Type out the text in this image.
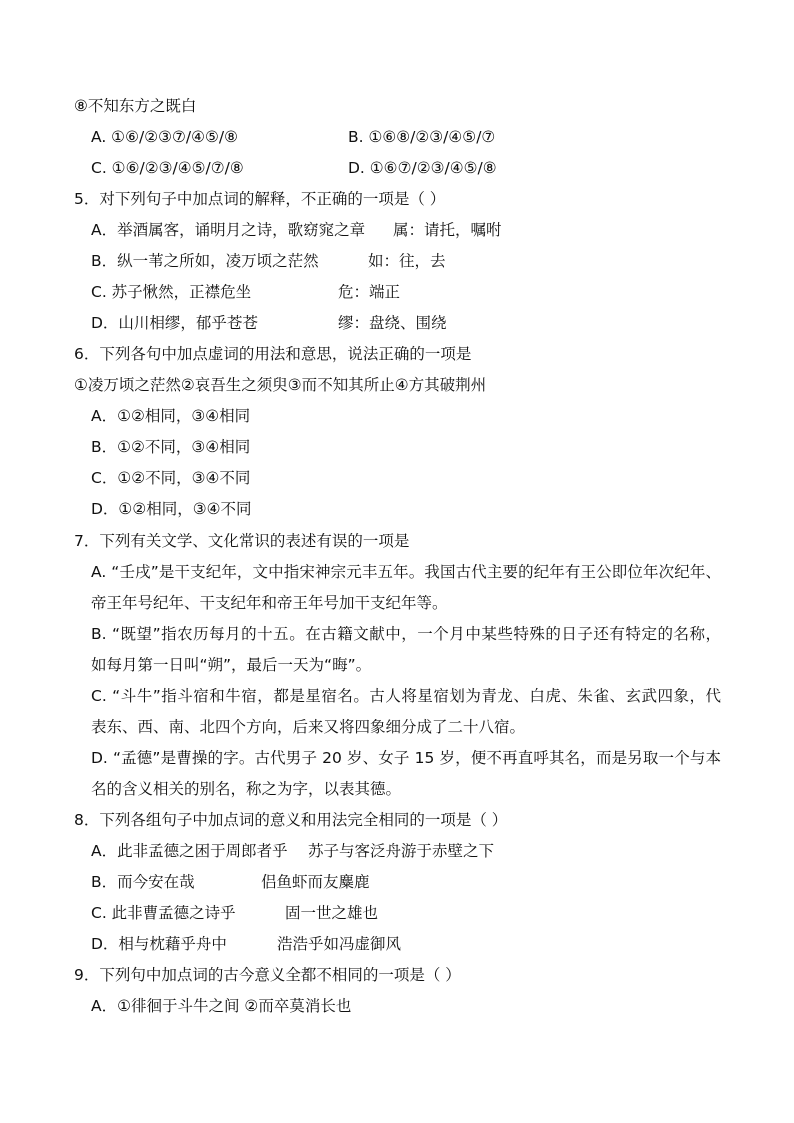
⑧不知东方之既白
A. ①⑥/②③⑦/④⑤/⑧	B. ①⑥⑧/②③/④⑤/⑦
C. ①⑥/②③/④⑤/⑦/⑧	D. ①⑥⑦/②③/④⑤/⑧
5．对下列句子中加点词的解释，不正确的一项是（ ）
A．举酒属客，诵明月之诗，歌窈窕之章 属：请托，嘱咐
B．纵一苇之所如，凌万顷之茫然	如：往，去
C. 苏子愀然，正襟危坐	危：端正
D．山川相缪，郁乎苍苍	缪：盘绕、围绕
6．下列各句中加点虚词的用法和意思，说法正确的一项是
①凌万顷之茫然②哀吾生之须臾③而不知其所止④方其破荆州
A．①②相同，③④相同
B．①②不同，③④相同
C．①②不同，③④不同
D．①②相同，③④不同
7．下列有关文学、文化常识的表述有误的一项是
A. “壬戌”是干支纪年，文中指宋神宗元丰五年。我国古代主要的纪年有王公即位年次纪年、
帝王年号纪年、干支纪年和帝王年号加干支纪年等。
B. “既望”指农历每月的十五。在古籍文献中，一个月中某些特殊的日子还有特定的名称，
如每月第一日叫“朔”，最后一天为“晦”。
C. “斗牛”指斗宿和牛宿，都是星宿名。古人将星宿划为青龙、白虎、朱雀、玄武四象，代
表东、西、南、北四个方向，后来又将四象细分成了二十八宿。
D. “孟德”是曹操的字。古代男子 20 岁、女子 15 岁，便不再直呼其名，而是另取一个与本
名的含义相关的别名，称之为字，以表其德。
8．下列各组句子中加点词的意义和用法完全相同的一项是（ ）
A．此非孟德之困于周郎者乎 苏子与客泛舟游于赤壁之下
B．而今安在哉	侣鱼虾而友麋鹿
C. 此非曹孟德之诗乎	固一世之雄也
D．相与枕藉乎舟中	浩浩乎如冯虚御风
9．下列句中加点词的古今意义全都不相同的一项是（ ）
A．①徘徊于斗牛之间 ②而卒莫消长也
